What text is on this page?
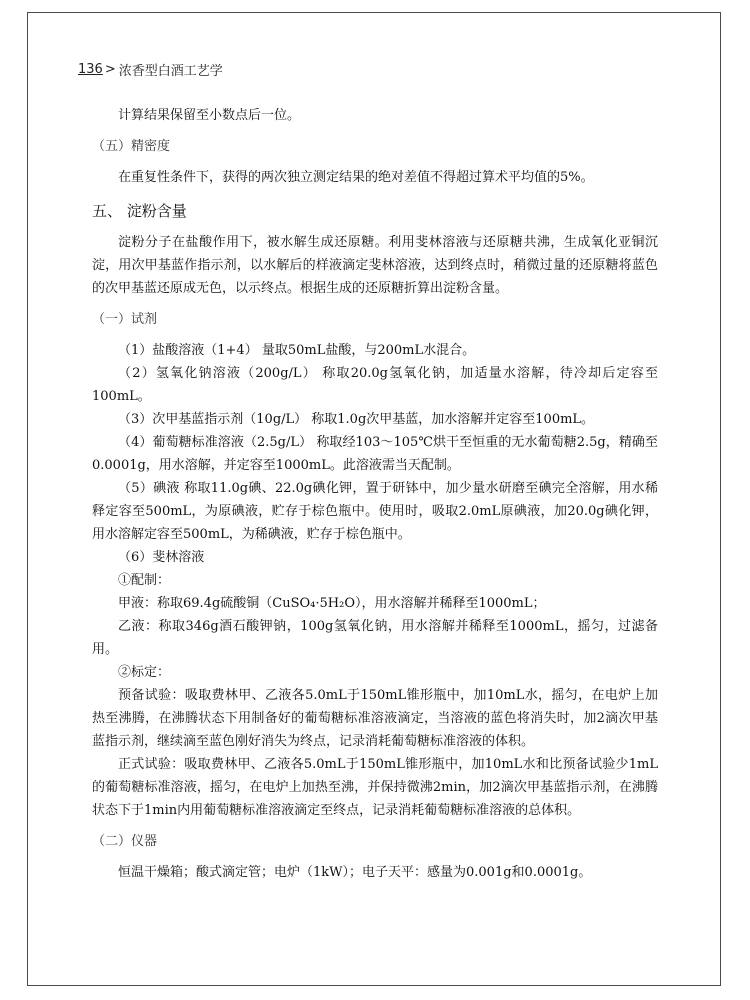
136 > 浓香型白酒工艺学

计算结果保留至小数点后一位。

（五）精密度

在重复性条件下，获得的两次独立测定结果的绝对差值不得超过算术平均值的5%。

五、 淀粉含量

淀粉分子在盐酸作用下，被水解生成还原糖。利用斐林溶液与还原糖共沸，生成氧化亚铜沉淀，用次甲基蓝作指示剂，以水解后的样液滴定斐林溶液，达到终点时，稍微过量的还原糖将蓝色的次甲基蓝还原成无色，以示终点。根据生成的还原糖折算出淀粉含量。

（一）试剂

（1）盐酸溶液（1+4） 量取50mL盐酸，与200mL水混合。

（2）氢氧化钠溶液（200g/L） 称取20.0g氢氧化钠，加适量水溶解，待冷却后定容至100mL。

（3）次甲基蓝指示剂（10g/L） 称取1.0g次甲基蓝，加水溶解并定容至100mL。

（4）葡萄糖标准溶液（2.5g/L） 称取经103～105℃烘干至恒重的无水葡萄糖2.5g，精确至0.0001g，用水溶解，并定容至1000mL。此溶液需当天配制。

（5）碘液 称取11.0g碘、22.0g碘化钾，置于研钵中，加少量水研磨至碘完全溶解，用水稀释定容至500mL，为原碘液，贮存于棕色瓶中。使用时，吸取2.0mL原碘液，加20.0g碘化钾，用水溶解定容至500mL，为稀碘液，贮存于棕色瓶中。

（6）斐林溶液

①配制：

甲液：称取69.4g硫酸铜（CuSO₄·5H₂O），用水溶解并稀释至1000mL；

乙液：称取346g酒石酸钾钠，100g氢氧化钠，用水溶解并稀释至1000mL，摇匀，过滤备用。

②标定：

预备试验：吸取费林甲、乙液各5.0mL于150mL锥形瓶中，加10mL水，摇匀，在电炉上加热至沸腾，在沸腾状态下用制备好的葡萄糖标准溶液滴定，当溶液的蓝色将消失时，加2滴次甲基蓝指示剂，继续滴至蓝色刚好消失为终点，记录消耗葡萄糖标准溶液的体积。

正式试验：吸取费林甲、乙液各5.0mL于150mL锥形瓶中，加10mL水和比预备试验少1mL的葡萄糖标准溶液，摇匀，在电炉上加热至沸，并保持微沸2min，加2滴次甲基蓝指示剂，在沸腾状态下于1min内用葡萄糖标准溶液滴定至终点，记录消耗葡萄糖标准溶液的总体积。

（二）仪器

恒温干燥箱；酸式滴定管；电炉（1kW）；电子天平：感量为0.001g和0.0001g。
